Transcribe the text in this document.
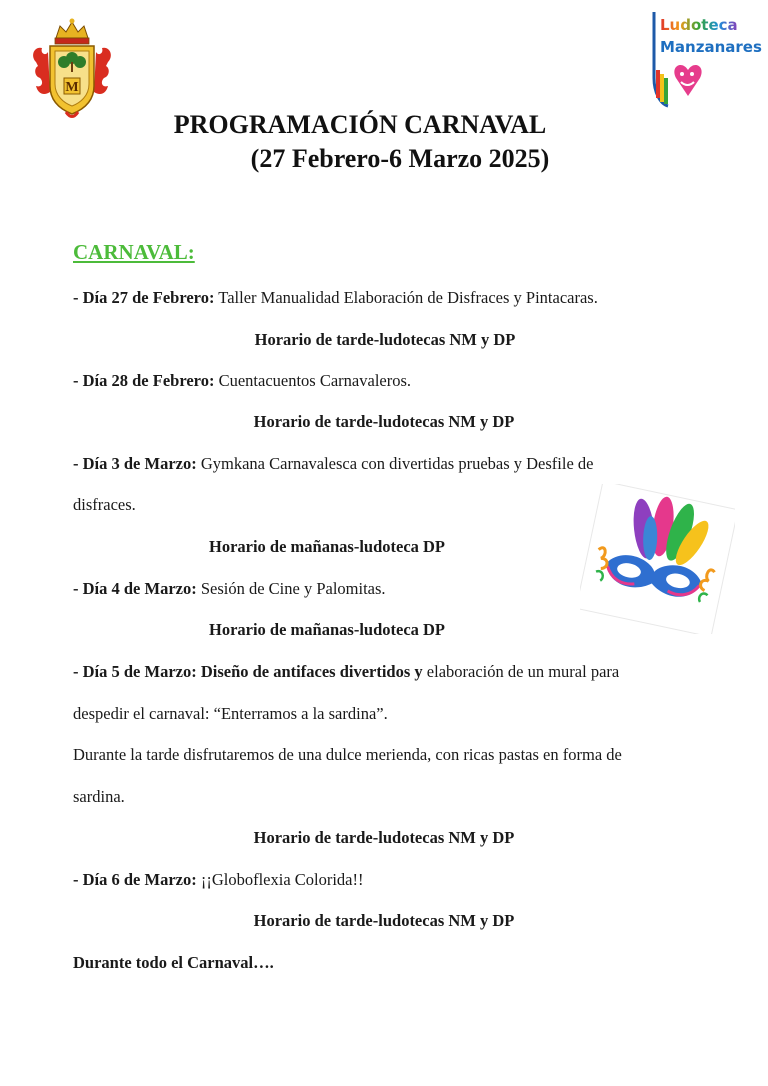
M
Ludoteca
Manzanares
PROGRAMACIÓN CARNAVAL
(27 Febrero-6 Marzo 2025)
CARNAVAL:
- Día 27 de Febrero: Taller Manualidad Elaboración de Disfraces y Pintacaras.
Horario de tarde-ludotecas NM y DP
- Día 28 de Febrero: Cuentacuentos Carnavaleros.
Horario de tarde-ludotecas NM y DP
- Día 3 de Marzo: Gymkana Carnavalesca con divertidas pruebas y Desfile de
disfraces.
Horario de mañanas-ludoteca DP
- Día 4 de Marzo: Sesión de Cine y Palomitas.
Horario de mañanas-ludoteca DP
- Día 5 de Marzo: Diseño de antifaces divertidos y elaboración de un mural para
despedir el carnaval: “Enterramos a la sardina”.
Durante la tarde disfrutaremos de una dulce merienda, con ricas pastas en forma de
sardina.
Horario de tarde-ludotecas NM y DP
- Día 6 de Marzo: ¡¡Globoflexia Colorida!!
Horario de tarde-ludotecas NM y DP
Durante todo el Carnaval….
